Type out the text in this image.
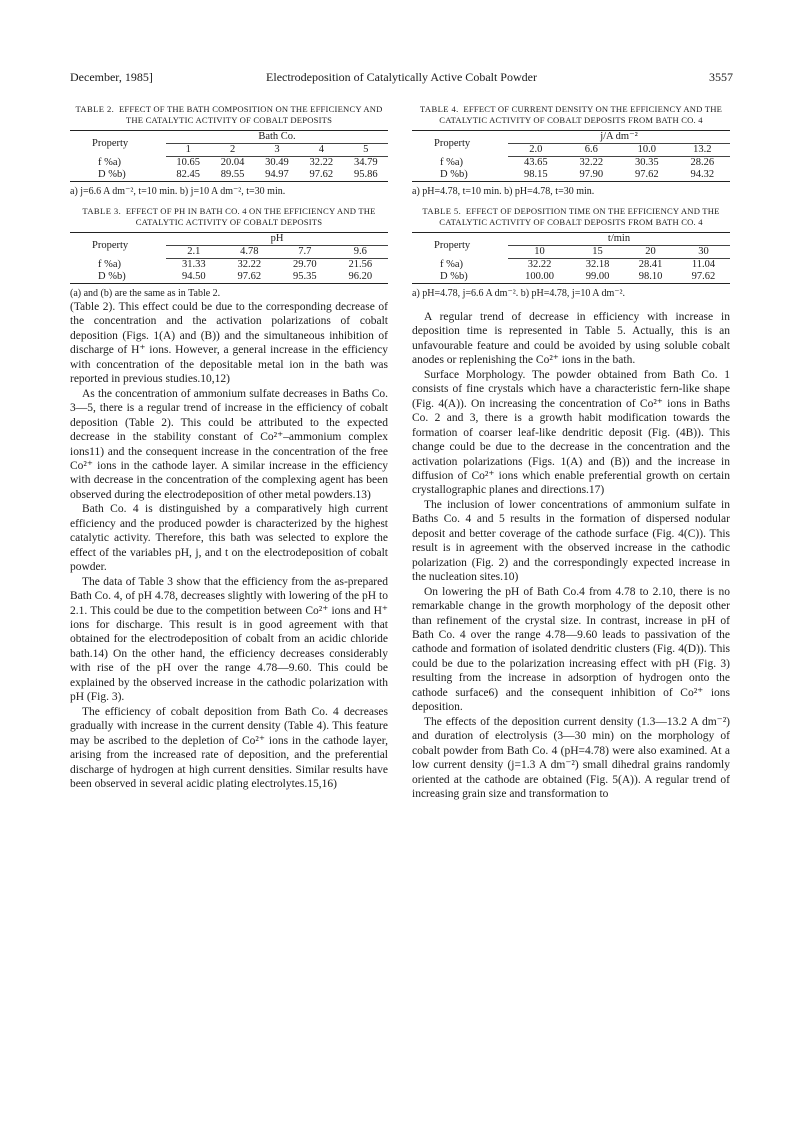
December, 1985]	Electrodeposition of Catalytically Active Cobalt Powder	3557

TABLE 2. EFFECT OF THE BATH COMPOSITION ON THE EFFICIENCY AND THE CATALYTIC ACTIVITY OF COBALT DEPOSITS

Property	Bath Co.				
	1	2	3	4	5
f %a)	10.65	20.04	30.49	32.22	34.79
D %b)	82.45	89.55	94.97	97.62	95.86

a) j=6.6 A dm⁻², t=10 min. b) j=10 A dm⁻², t=30 min.

TABLE 3. EFFECT OF PH IN BATH CO. 4 ON THE EFFICIENCY AND THE CATALYTIC ACTIVITY OF COBALT DEPOSITS

Property	pH			
	2.1	4.78	7.7	9.6
f %a)	31.33	32.22	29.70	21.56
D %b)	94.50	97.62	95.35	96.20

(a) and (b) are the same as in Table 2.

(Table 2). This effect could be due to the corresponding decrease of the concentration and the activation polarizations of cobalt deposition (Figs. 1(A) and (B)) and the simultaneous inhibition of discharge of H⁺ ions. However, a general increase in the efficiency with concentration of the depositable metal ion in the bath was reported in previous studies.10,12)

As the concentration of ammonium sulfate decreases in Baths Co. 3—5, there is a regular trend of increase in the efficiency of cobalt deposition (Table 2). This could be attributed to the expected decrease in the stability constant of Co²⁺–ammonium complex ions11) and the consequent increase in the concentration of the free Co²⁺ ions in the cathode layer. A similar increase in the efficiency with decrease in the concentration of the complexing agent has been observed during the electrodeposition of other metal powders.13)

Bath Co. 4 is distinguished by a comparatively high current efficiency and the produced powder is characterized by the highest catalytic activity. Therefore, this bath was selected to explore the effect of the variables pH, j, and t on the electrodeposition of cobalt powder.

The data of Table 3 show that the efficiency from the as-prepared Bath Co. 4, of pH 4.78, decreases slightly with lowering of the pH to 2.1. This could be due to the competition between Co²⁺ ions and H⁺ ions for discharge. This result is in good agreement with that obtained for the electrodeposition of cobalt from an acidic chloride bath.14) On the other hand, the efficiency decreases considerably with rise of the pH over the range 4.78—9.60. This could be explained by the observed increase in the cathodic polarization with pH (Fig. 3).

The efficiency of cobalt deposition from Bath Co. 4 decreases gradually with increase in the current density (Table 4). This feature may be ascribed to the depletion of Co²⁺ ions in the cathode layer, arising from the increased rate of deposition, and the preferential discharge of hydrogen at high current densities. Similar results have been observed in several acidic plating electrolytes.15,16)

TABLE 4. EFFECT OF CURRENT DENSITY ON THE EFFICIENCY AND THE CATALYTIC ACTIVITY OF COBALT DEPOSITS FROM BATH CO. 4

Property	j/A dm⁻²			
	2.0	6.6	10.0	13.2
f %a)	43.65	32.22	30.35	28.26
D %b)	98.15	97.90	97.62	94.32

a) pH=4.78, t=10 min. b) pH=4.78, t=30 min.

TABLE 5. EFFECT OF DEPOSITION TIME ON THE EFFICIENCY AND THE CATALYTIC ACTIVITY OF COBALT DEPOSITS FROM BATH CO. 4

Property	t/min			
	10	15	20	30
f %a)	32.22	32.18	28.41	11.04
D %b)	100.00	99.00	98.10	97.62

a) pH=4.78, j=6.6 A dm⁻². b) pH=4.78, j=10 A dm⁻².

A regular trend of decrease in efficiency with increase in deposition time is represented in Table 5. Actually, this is an unfavourable feature and could be avoided by using soluble cobalt anodes or replenishing the Co²⁺ ions in the bath.

Surface Morphology. The powder obtained from Bath Co. 1 consists of fine crystals which have a characteristic fern-like shape (Fig. 4(A)). On increasing the concentration of Co²⁺ ions in Baths Co. 2 and 3, there is a growth habit modification towards the formation of coarser leaf-like dendritic deposit (Fig. (4B)). This change could be due to the decrease in the concentration and the activation polarizations (Figs. 1(A) and (B)) and the increase in diffusion of Co²⁺ ions which enable preferential growth on certain crystallographic planes and directions.17)

The inclusion of lower concentrations of ammonium sulfate in Baths Co. 4 and 5 results in the formation of dispersed nodular deposit and better coverage of the cathode surface (Fig. 4(C)). This result is in agreement with the observed increase in the cathodic polarization (Fig. 2) and the correspondingly expected increase in the nucleation sites.10)

On lowering the pH of Bath Co.4 from 4.78 to 2.10, there is no remarkable change in the growth morphology of the deposit other than refinement of the crystal size. In contrast, increase in pH of Bath Co. 4 over the range 4.78—9.60 leads to passivation of the cathode and formation of isolated dendritic clusters (Fig. 4(D)). This could be due to the polarization increasing effect with pH (Fig. 3) resulting from the increase in adsorption of hydrogen onto the cathode surface6) and the consequent inhibition of Co²⁺ ions deposition.

The effects of the deposition current density (1.3—13.2 A dm⁻²) and duration of electrolysis (3—30 min) on the morphology of cobalt powder from Bath Co. 4 (pH=4.78) were also examined. At a low current density (j=1.3 A dm⁻²) small dihedral grains randomly oriented at the cathode are obtained (Fig. 5(A)). A regular trend of increasing grain size and transformation to
